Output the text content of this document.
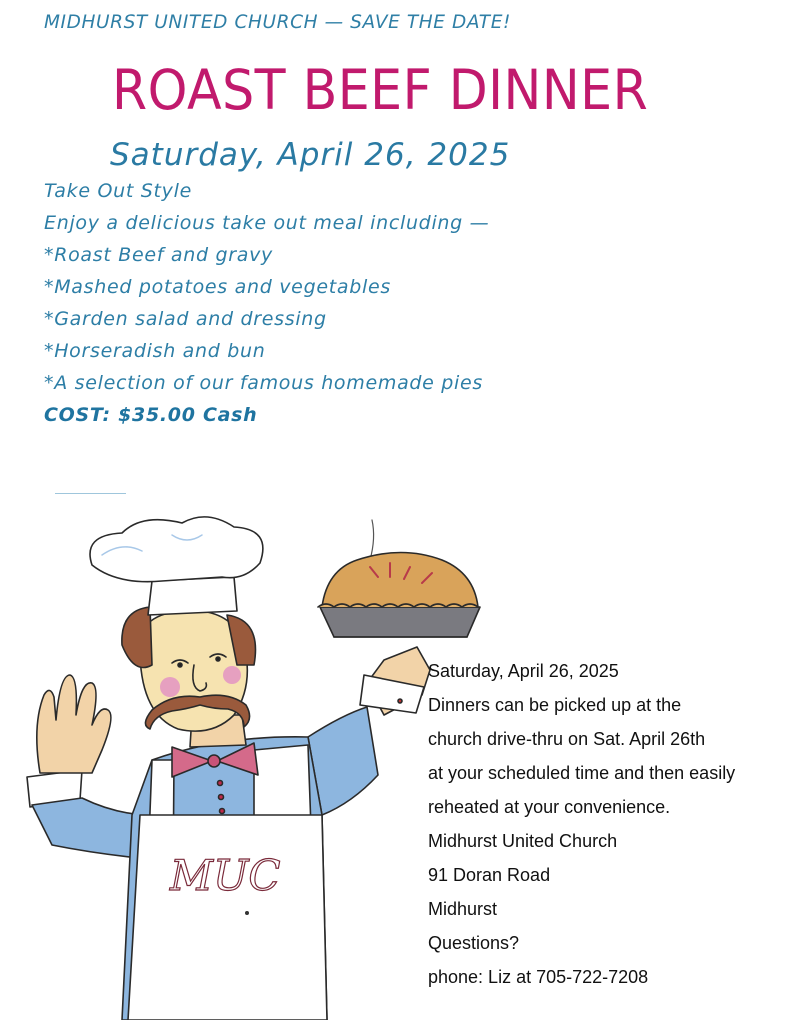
MIDHURST UNITED CHURCH — SAVE THE DATE!
ROAST BEEF DINNER
Saturday, April 26, 2025
Take Out Style
Enjoy a delicious take out meal including —
*Roast Beef and gravy
*Mashed potatoes and vegetables
*Garden salad and dressing
*Horseradish and bun
*A selection of our famous homemade pies
COST: $35.00 Cash
MUC
Saturday, April 26, 2025
Dinners can be picked up at the
church drive-thru on Sat. April 26th
at your scheduled time and then easily
reheated at your convenience.
Midhurst United Church
91 Doran Road
Midhurst
Questions?
phone: Liz at 705-722-7208
